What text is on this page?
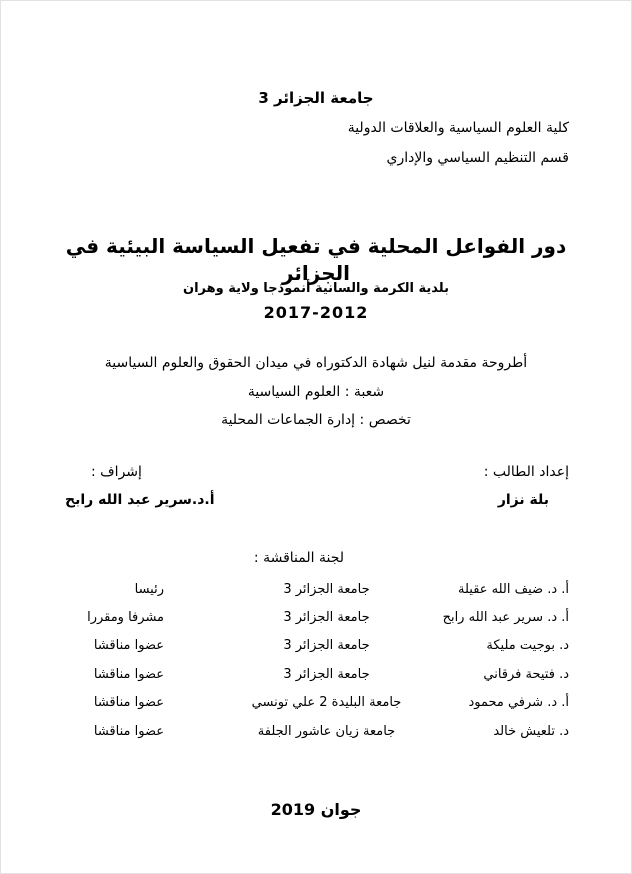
جامعة الجزائر 3
كلية العلوم السياسية والعلاقات الدولية
قسم التنظيم السياسي والإداري
دور الفواعل المحلية في تفعيل السياسة البيئية في الجزائر
بلدية الكرمة والسانية أنموذجا ولاية وهران
2017-2012
أطروحة مقدمة لنيل شهادة الدكتوراه في ميدان الحقوق والعلوم السياسية
شعبة : العلوم السياسية
تخصص : إدارة الجماعات المحلية
إعداد الطالب :
بلة نزار
إشراف :
أ.د.سرير عبد الله رابح
لجنة المناقشة :
أ. د. ضيف الله عقيلة
جامعة الجزائر 3
رئيسا
أ. د. سرير عبد الله رابح
جامعة الجزائر 3
مشرفا ومقررا
د. بوجيت مليكة
جامعة الجزائر 3
عضوا مناقشا
د. فتيحة فرقاني
جامعة الجزائر 3
عضوا مناقشا
أ. د. شرفي محمود
جامعة البليدة 2 علي تونسي
عضوا مناقشا
د. تلعيش خالد
جامعة زيان عاشور الجلفة
عضوا مناقشا
جوان 2019
